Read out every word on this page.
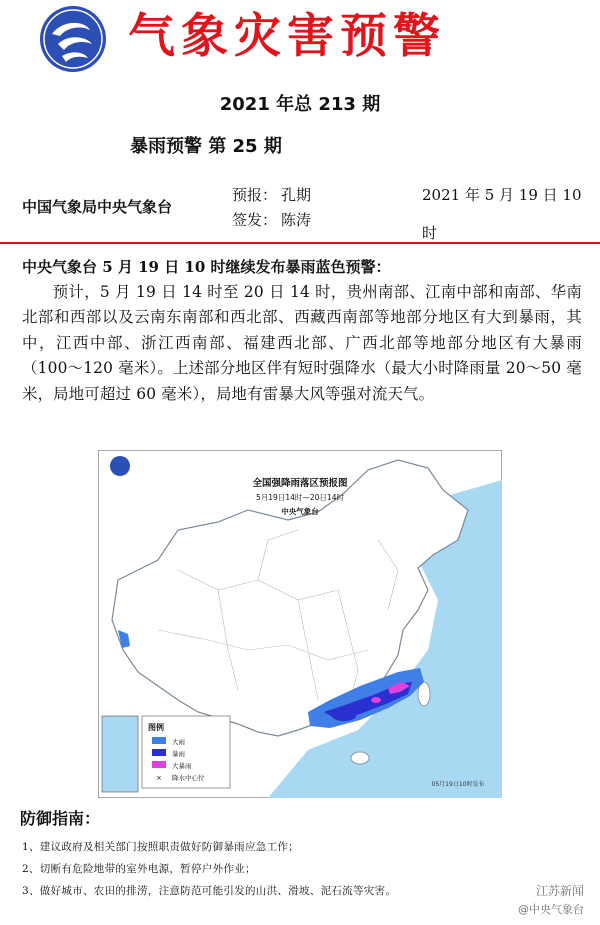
气象灾害预警
2021 年总 213 期
暴雨预警 第 25 期
中国气象局中央气象台
预报： 孔期
签发： 陈涛
2021 年 5 月 19 日 10 时
中央气象台 5 月 19 日 10 时继续发布暴雨蓝色预警：
预计，5 月 19 日 14 时至 20 日 14 时，贵州南部、江南中部和南部、华南北部和西部以及云南东南部和西北部、西藏西南部等地部分地区有大到暴雨，其中，江西中部、浙江西南部、福建西北部、广西北部等地部分地区有大暴雨（100～120 毫米）。上述部分地区伴有短时强降水（最大小时降雨量 20～50 毫米，局地可超过 60 毫米），局地有雷暴大风等强对流天气。
全国强降雨落区预报图
5月19日14时—20日14时
中央气象台
图例
大雨
暴雨
大暴雨
× 降水中心位
05月19日10时发布
防御指南：
1、建议政府及相关部门按照职责做好防御暴雨应急工作；
2、切断有危险地带的室外电源，暂停户外作业；
3、做好城市、农田的排涝，注意防范可能引发的山洪、滑坡、泥石流等灾害。	江苏新闻
@中央气象台
